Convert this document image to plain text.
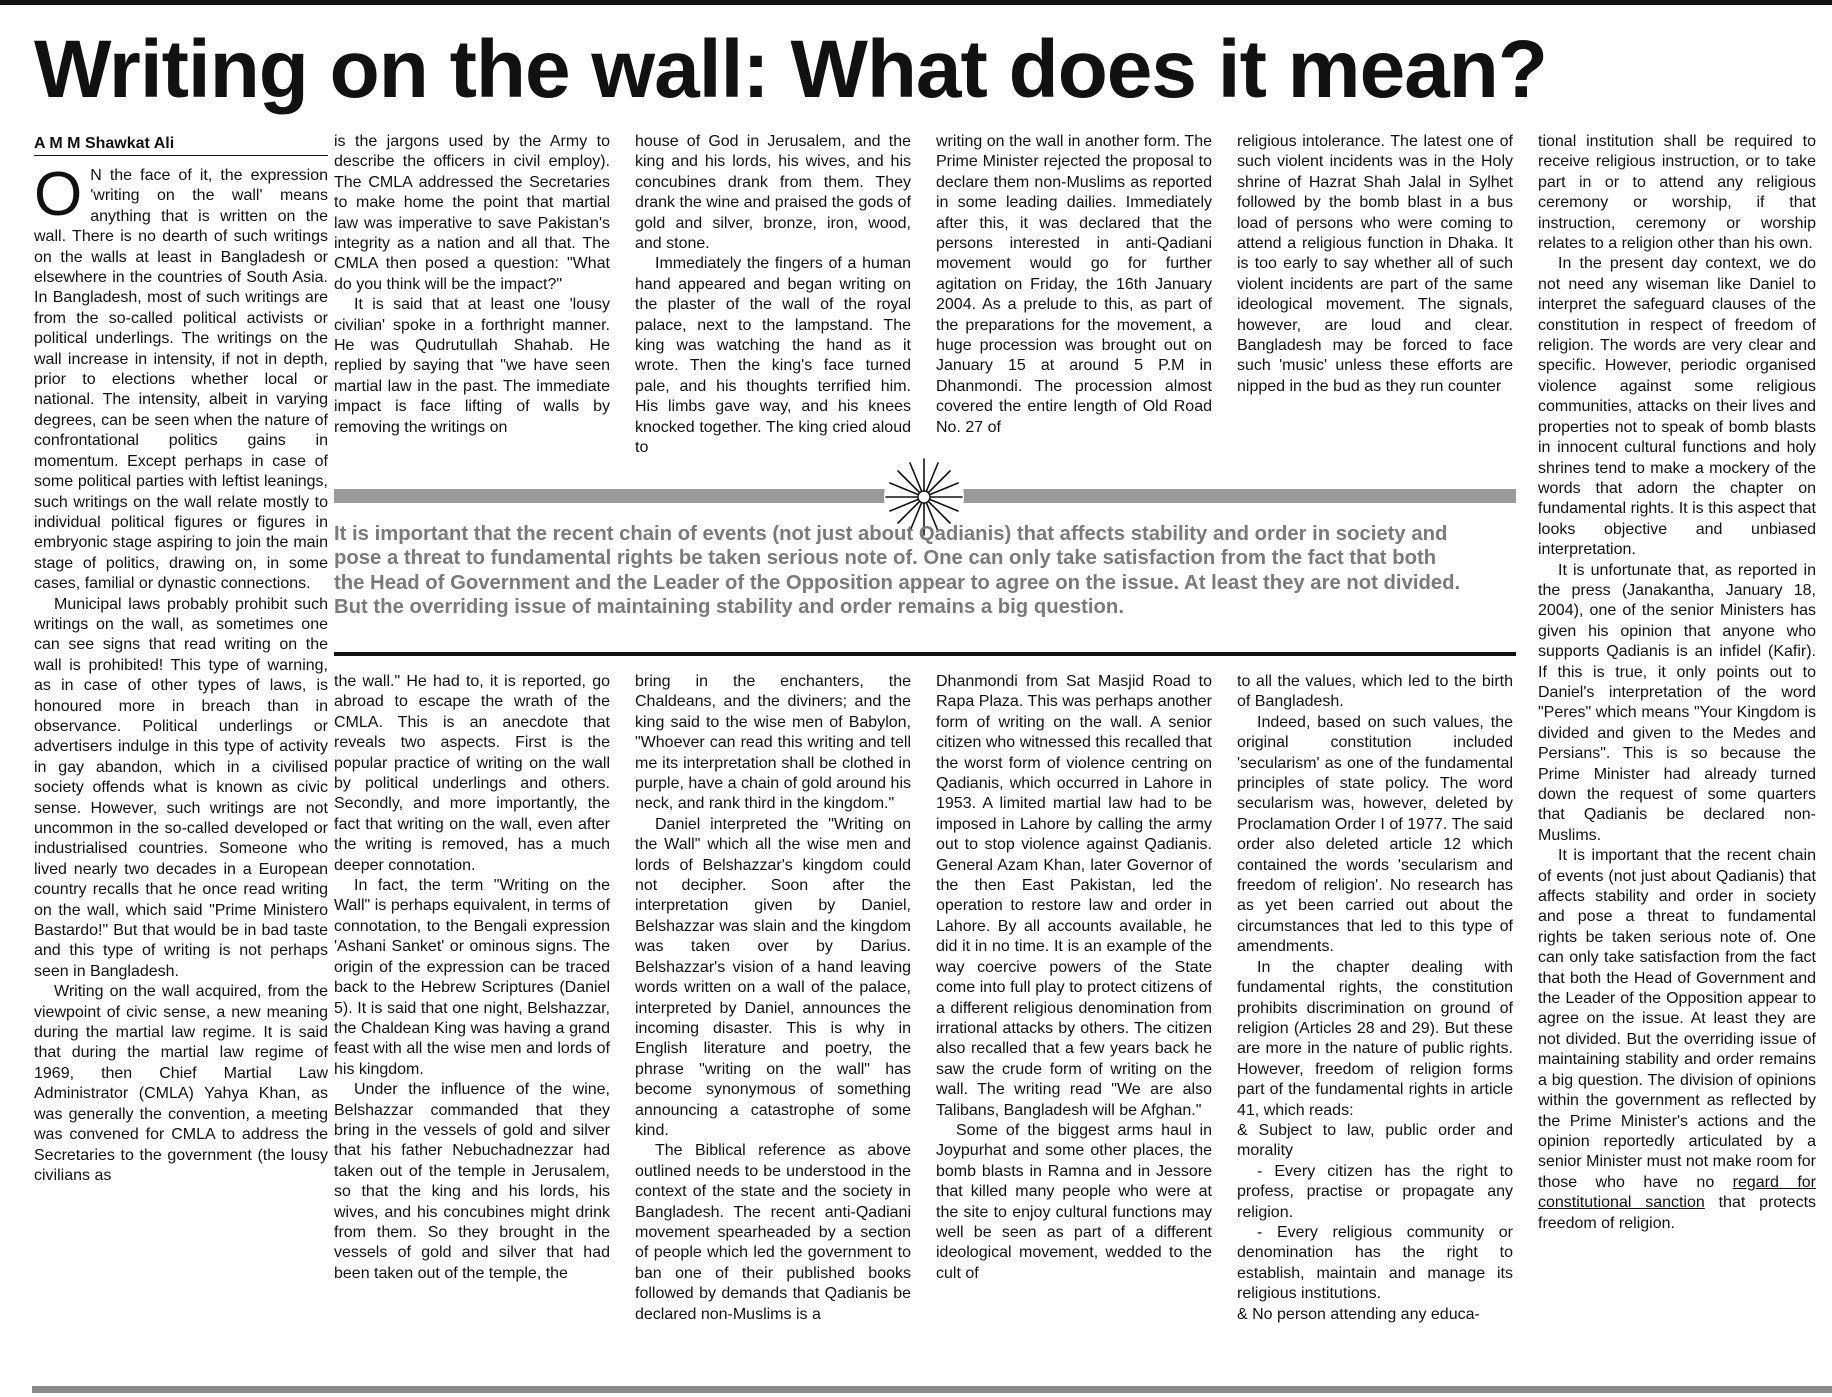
Writing on the wall: What does it mean?
A M M Shawkat Ali

O N the face of it, the expression 'writing on the wall' means anything that is written on the wall. There is no dearth of such writings on the walls at least in Bangladesh or elsewhere in the countries of South Asia. In Bangladesh, most of such writings are from the so-called political activists or political underlings. The writings on the wall increase in intensity, if not in depth, prior to elections whether local or national. The intensity, albeit in varying degrees, can be seen when the nature of confrontational politics gains in momentum. Except perhaps in case of some political parties with leftist leanings, such writings on the wall relate mostly to individual political figures or figures in embryonic stage aspiring to join the main stage of politics, drawing on, in some cases, familial or dynastic connections.

Municipal laws probably prohibit such writings on the wall, as sometimes one can see signs that read writing on the wall is prohibited! This type of warning, as in case of other types of laws, is honoured more in breach than in observance. Political underlings or advertisers indulge in this type of activity in gay abandon, which in a civilised society offends what is known as civic sense. However, such writings are not uncommon in the so-called developed or industrialised countries. Someone who lived nearly two decades in a European country recalls that he once read writing on the wall, which said "Prime Ministero Bastardo!" But that would be in bad taste and this type of writing is not perhaps seen in Bangladesh.

Writing on the wall acquired, from the viewpoint of civic sense, a new meaning during the martial law regime. It is said that during the martial law regime of 1969, then Chief Martial Law Administrator (CMLA) Yahya Khan, as was generally the convention, a meeting was convened for CMLA to address the Secretaries to the government (the lousy civilians as

is the jargons used by the Army to describe the officers in civil employ). The CMLA addressed the Secretaries to make home the point that martial law was imperative to save Pakistan's integrity as a nation and all that. The CMLA then posed a question: "What do you think will be the impact?"

It is said that at least one 'lousy civilian' spoke in a forthright manner. He was Qudrutullah Shahab. He replied by saying that "we have seen martial law in the past. The immediate impact is face lifting of walls by removing the writings on

house of God in Jerusalem, and the king and his lords, his wives, and his concubines drank from them. They drank the wine and praised the gods of gold and silver, bronze, iron, wood, and stone.

Immediately the fingers of a human hand appeared and began writing on the plaster of the wall of the royal palace, next to the lampstand. The king was watching the hand as it wrote. Then the king's face turned pale, and his thoughts terrified him. His limbs gave way, and his knees knocked together. The king cried aloud to

writing on the wall in another form. The Prime Minister rejected the proposal to declare them non-Muslims as reported in some leading dailies. Immediately after this, it was declared that the persons interested in anti-Qadiani movement would go for further agitation on Friday, the 16th January 2004. As a prelude to this, as part of the preparations for the movement, a huge procession was brought out on January 15 at around 5 P.M in Dhanmondi. The procession almost covered the entire length of Old Road No. 27 of

religious intolerance. The latest one of such violent incidents was in the Holy shrine of Hazrat Shah Jalal in Sylhet followed by the bomb blast in a bus load of persons who were coming to attend a religious function in Dhaka. It is too early to say whether all of such violent incidents are part of the same ideological movement. The signals, however, are loud and clear. Bangladesh may be forced to face such 'music' unless these efforts are nipped in the bud as they run counter

It is important that the recent chain of events (not just about Qadianis) that affects stability and order in society and
pose a threat to fundamental rights be taken serious note of. One can only take satisfaction from the fact that both
the Head of Government and the Leader of the Opposition appear to agree on the issue. At least they are not divided.
But the overriding issue of maintaining stability and order remains a big question.

the wall." He had to, it is reported, go abroad to escape the wrath of the CMLA. This is an anecdote that reveals two aspects. First is the popular practice of writing on the wall by political underlings and others. Secondly, and more importantly, the fact that writing on the wall, even after the writing is removed, has a much deeper connotation.

In fact, the term "Writing on the Wall" is perhaps equivalent, in terms of connotation, to the Bengali expression 'Ashani Sanket' or ominous signs. The origin of the expression can be traced back to the Hebrew Scriptures (Daniel 5). It is said that one night, Belshazzar, the Chaldean King was having a grand feast with all the wise men and lords of his kingdom.

Under the influence of the wine, Belshazzar commanded that they bring in the vessels of gold and silver that his father Nebuchadnezzar had taken out of the temple in Jerusalem, so that the king and his lords, his wives, and his concubines might drink from them. So they brought in the vessels of gold and silver that had been taken out of the temple, the

bring in the enchanters, the Chaldeans, and the diviners; and the king said to the wise men of Babylon, "Whoever can read this writing and tell me its interpretation shall be clothed in purple, have a chain of gold around his neck, and rank third in the kingdom."

Daniel interpreted the "Writing on the Wall" which all the wise men and lords of Belshazzar's kingdom could not decipher. Soon after the interpretation given by Daniel, Belshazzar was slain and the kingdom was taken over by Darius. Belshazzar's vision of a hand leaving words written on a wall of the palace, interpreted by Daniel, announces the incoming disaster. This is why in English literature and poetry, the phrase "writing on the wall" has become synonymous of something announcing a catastrophe of some kind.

The Biblical reference as above outlined needs to be understood in the context of the state and the society in Bangladesh. The recent anti-Qadiani movement spearheaded by a section of people which led the government to ban one of their published books followed by demands that Qadianis be declared non-Muslims is a

Dhanmondi from Sat Masjid Road to Rapa Plaza. This was perhaps another form of writing on the wall. A senior citizen who witnessed this recalled that the worst form of violence centring on Qadianis, which occurred in Lahore in 1953. A limited martial law had to be imposed in Lahore by calling the army out to stop violence against Qadianis. General Azam Khan, later Governor of the then East Pakistan, led the operation to restore law and order in Lahore. By all accounts available, he did it in no time. It is an example of the way coercive powers of the State come into full play to protect citizens of a different religious denomination from irrational attacks by others. The citizen also recalled that a few years back he saw the crude form of writing on the wall. The writing read "We are also Talibans, Bangladesh will be Afghan."

Some of the biggest arms haul in Joypurhat and some other places, the bomb blasts in Ramna and in Jessore that killed many people who were at the site to enjoy cultural functions may well be seen as part of a different ideological movement, wedded to the cult of

to all the values, which led to the birth of Bangladesh.

Indeed, based on such values, the original constitution included 'secularism' as one of the fundamental principles of state policy. The word secularism was, however, deleted by Proclamation Order I of 1977. The said order also deleted article 12 which contained the words 'secularism and freedom of religion'. No research has as yet been carried out about the circumstances that led to this type of amendments.

In the chapter dealing with fundamental rights, the constitution prohibits discrimination on ground of religion (Articles 28 and 29). But these are more in the nature of public rights. However, freedom of religion forms part of the fundamental rights in article 41, which reads:

& Subject to law, public order and morality

- Every citizen has the right to profess, practise or propagate any religion.

- Every religious community or denomination has the right to establish, maintain and manage its religious institutions.

& No person attending any educa-

tional institution shall be required to receive religious instruction, or to take part in or to attend any religious ceremony or worship, if that instruction, ceremony or worship relates to a religion other than his own.

In the present day context, we do not need any wiseman like Daniel to interpret the safeguard clauses of the constitution in respect of freedom of religion. The words are very clear and specific. However, periodic organised violence against some religious communities, attacks on their lives and properties not to speak of bomb blasts in innocent cultural functions and holy shrines tend to make a mockery of the words that adorn the chapter on fundamental rights. It is this aspect that looks objective and unbiased interpretation.

It is unfortunate that, as reported in the press (Janakantha, January 18, 2004), one of the senior Ministers has given his opinion that anyone who supports Qadianis is an infidel (Kafir). If this is true, it only points out to Daniel's interpretation of the word "Peres" which means "Your Kingdom is divided and given to the Medes and Persians". This is so because the Prime Minister had already turned down the request of some quarters that Qadianis be declared non-Muslims.

It is important that the recent chain of events (not just about Qadianis) that affects stability and order in society and pose a threat to fundamental rights be taken serious note of. One can only take satisfaction from the fact that both the Head of Government and the Leader of the Opposition appear to agree on the issue. At least they are not divided. But the overriding issue of maintaining stability and order remains a big question. The division of opinions within the government as reflected by the Prime Minister's actions and the opinion reportedly articulated by a senior Minister must not make room for those who have no regard for constitutional sanction that protects freedom of religion.
